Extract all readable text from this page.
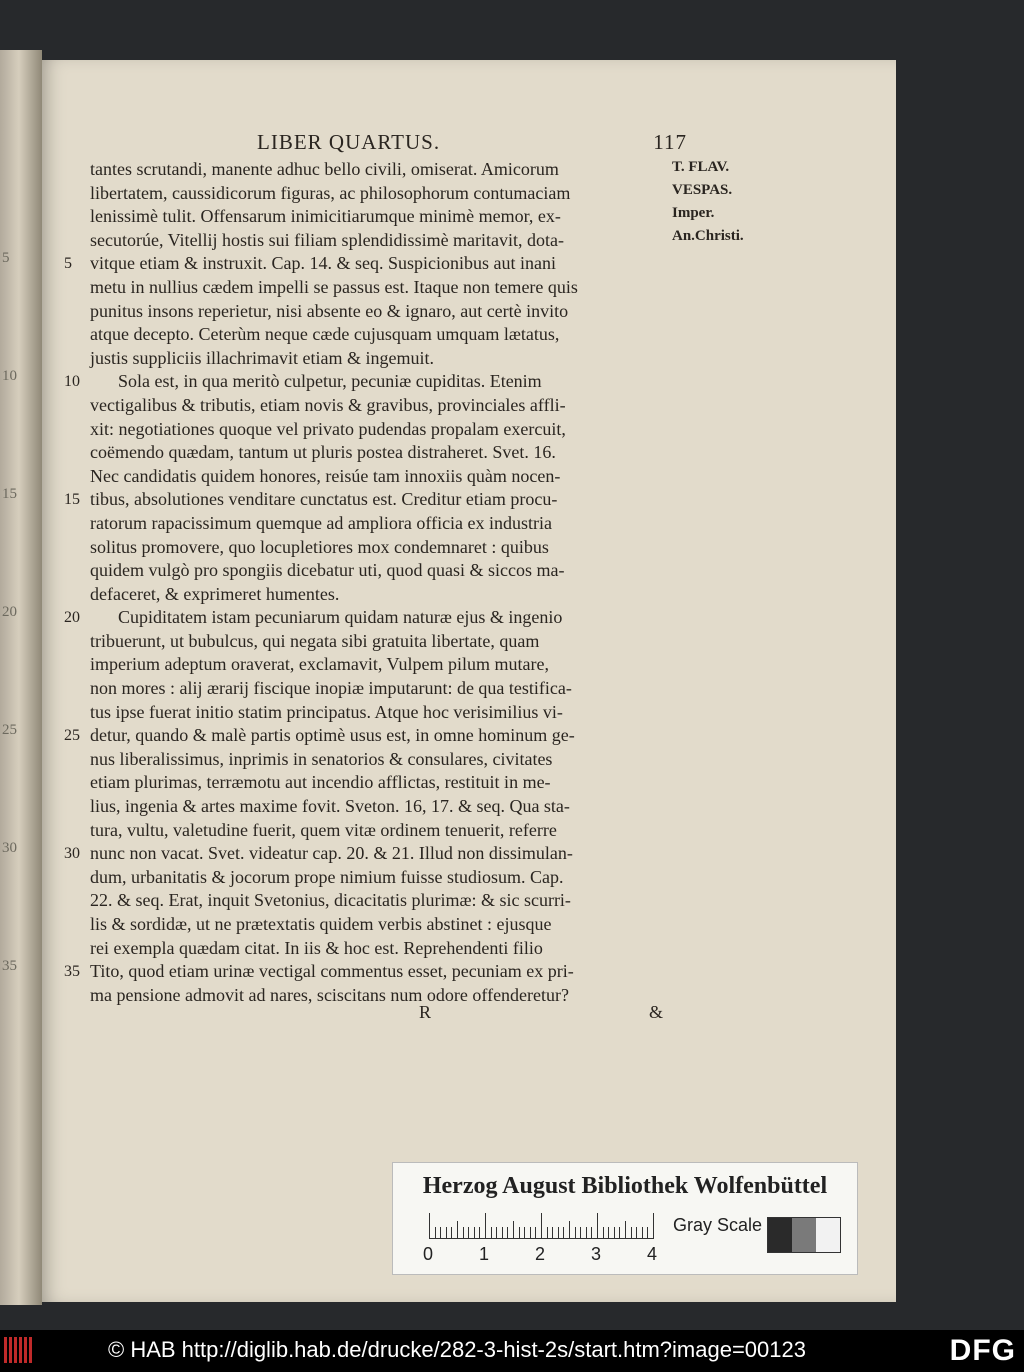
5
10
15
20
25
30
35
LIBER QUARTUS.	117
tantes scrutandi, manente adhuc bello civili, omiserat. Amicorum
libertatem, caussidicorum figuras, ac philosophorum contumaciam
lenissimè tulit. Offensarum inimicitiarumque minimè memor, ex-
secutorúe, Vitellij hostis sui filiam splendidissimè maritavit, dota-
vitque etiam & instruxit. Cap. 14. & seq. Suspicionibus aut inani
5
metu in nullius cædem impelli se passus est. Itaque non temere quis
punitus insons reperietur, nisi absente eo & ignaro, aut certè invito
atque decepto. Ceterùm neque cæde cujusquam umquam lætatus,
justis suppliciis illachrimavit etiam & ingemuit.
Sola est, in qua meritò culpetur, pecuniæ cupiditas. Etenim
10
vectigalibus & tributis, etiam novis & gravibus, provinciales affli-
xit: negotiationes quoque vel privato pudendas propalam exercuit,
coëmendo quædam, tantum ut pluris postea distraheret. Svet. 16.
Nec candidatis quidem honores, reisúe tam innoxiis quàm nocen-
tibus, absolutiones venditare cunctatus est. Creditur etiam procu-
15
ratorum rapacissimum quemque ad ampliora officia ex industria
solitus promovere, quo locupletiores mox condemnaret : quibus
quidem vulgò pro spongiis dicebatur uti, quod quasi & siccos ma-
defaceret, & exprimeret humentes.
Cupiditatem istam pecuniarum quidam naturæ ejus & ingenio
20
tribuerunt, ut bubulcus, qui negata sibi gratuita libertate, quam
imperium adeptum oraverat, exclamavit, Vulpem pilum mutare,
non mores : alij ærarij fiscique inopiæ imputarunt: de qua testifica-
tus ipse fuerat initio statim principatus. Atque hoc verisimilius vi-
detur, quando & malè partis optimè usus est, in omne hominum ge-
25
nus liberalissimus, inprimis in senatorios & consulares, civitates
etiam plurimas, terræmotu aut incendio afflictas, restituit in me-
lius, ingenia & artes maxime fovit. Sveton. 16, 17. & seq. Qua sta-
tura, vultu, valetudine fuerit, quem vitæ ordinem tenuerit, referre
nunc non vacat. Svet. videatur cap. 20. & 21. Illud non dissimulan-
30
dum, urbanitatis & jocorum prope nimium fuisse studiosum. Cap.
22. & seq. Erat, inquit Svetonius, dicacitatis plurimæ: & sic scurri-
lis & sordidæ, ut ne prætextatis quidem verbis abstinet : ejusque
rei exempla quædam citat. In iis & hoc est. Reprehendenti filio
Tito, quod etiam urinæ vectigal commentus esset, pecuniam ex pri-
35
ma pensione admovit ad nares, sciscitans num odore offenderetur?
T. FLAV.
VESPAS.
Imper.
An.Christi.
R	&
Herzog August Bibliothek Wolfenbüttel
0	1	2	3	4
Gray Scale
© HAB http://diglib.hab.de/drucke/282-3-hist-2s/start.htm?image=00123	DFG
